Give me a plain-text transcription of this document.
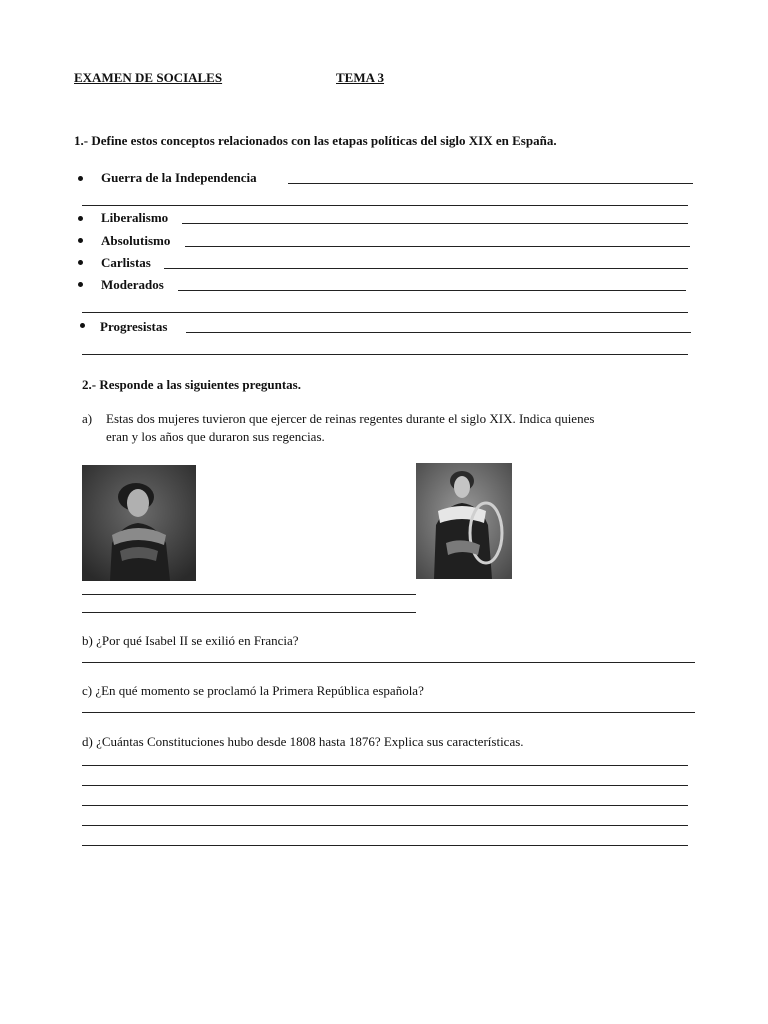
EXAMEN DE SOCIALES	TEMA 3
1.- Define estos conceptos relacionados con las etapas políticas del siglo XIX en España.
Guerra de la Independencia
Liberalismo
Absolutismo
Carlistas
Moderados
Progresistas
2.- Responde a las siguientes preguntas.
a) Estas dos mujeres tuvieron que ejercer de reinas regentes durante el siglo XIX. Indica quienes
eran y los años que duraron sus regencias.
b) ¿Por qué Isabel II se exilió en Francia?
c) ¿En qué momento se proclamó la Primera República española?
d) ¿Cuántas Constituciones hubo desde 1808 hasta 1876? Explica sus características.
